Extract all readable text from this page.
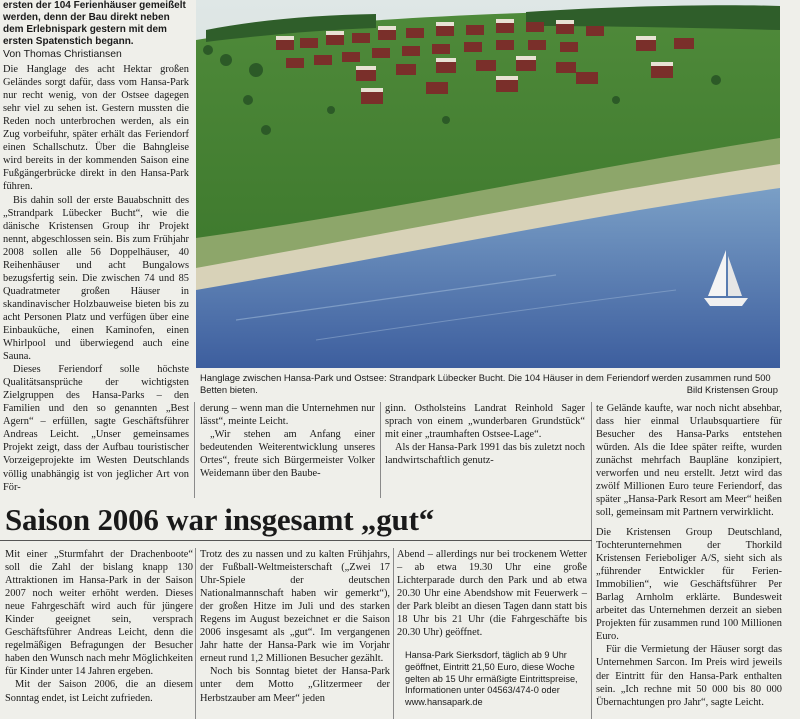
ersten der 104 Ferienhäuser gemeißelt werden, denn der Bau direkt neben dem Erlebnispark gestern mit dem ersten Spatenstich begann.

Von Thomas Christiansen

Die Hanglage des acht Hektar großen Geländes sorgt dafür, dass vom Hansa-Park nur recht wenig, von der Ostsee dagegen sehr viel zu sehen ist. Gestern mussten die Reden noch unterbrochen werden, als ein Zug vorbeifuhr, später erhält das Feriendorf einen Schallschutz. Über die Bahngleise wird bereits in der kommenden Saison eine Fußgängerbrücke direkt in den Hansa-Park führen.

Bis dahin soll der erste Bauabschnitt des „Strandpark Lübecker Bucht“, wie die dänische Kristensen Group ihr Projekt nennt, abgeschlossen sein. Bis zum Frühjahr 2008 sollen alle 56 Doppelhäuser, 40 Reihenhäuser und acht Bungalows bezugsfertig sein. Die zwischen 74 und 85 Quadratmeter großen Häuser in skandinavischer Holzbauweise bieten bis zu acht Personen Platz und verfügen über eine Einbauküche, einen Kaminofen, einen Whirlpool und überwiegend auch eine Sauna.

Dieses Feriendorf solle höchste Qualitätsansprüche der wichtigsten Zielgruppen des Hansa-Parks – den Familien und den so genannten „Best Agern“ – erfüllen, sagte Geschäftsführer Andreas Leicht. „Unser gemeinsames Projekt zeigt, dass der Aufbau touristischer Vorzeigeprojekte im Westen Deutschlands völlig unabhängig ist von jeglicher Art von För-

Hanglage zwischen Hansa-Park und Ostsee: Strandpark Lübecker Bucht. Die 104 Häuser in dem Feriendorf werden zusammen rund 500 Betten bieten.	Bild Kristensen Group

derung – wenn man die Unternehmen nur lässt“, meinte Leicht.

„Wir stehen am Anfang einer bedeutenden Weiterentwicklung unseres Ortes“, freute sich Bürgermeister Volker Weidemann über den Baube-

ginn. Ostholsteins Landrat Reinhold Sager sprach von einem „wunderbaren Grundstück“ mit einer „traumhaften Ostsee-Lage“.

Als der Hansa-Park 1991 das bis zuletzt noch landwirtschaftlich genutz-

te Gelände kaufte, war noch nicht absehbar, dass hier einmal Urlaubsquartiere für Besucher des Hansa-Parks entstehen würden. Als die Idee später reifte, wurden zunächst mehrfach Baupläne konzipiert, verworfen und neu erstellt. Jetzt wird das zwölf Millionen Euro teure Feriendorf, das später „Hansa-Park Resort am Meer“ heißen soll, gemeinsam mit Partnern verwirklicht.

Saison 2006 war insgesamt „gut“

Mit einer „Sturmfahrt der Drachenboote“ soll die Zahl der bislang knapp 130 Attraktionen im Hansa-Park in der Saison 2007 noch weiter erhöht werden. Dieses neue Fahrgeschäft wird auch für jüngere Kinder geeignet sein, versprach Geschäftsführer Andreas Leicht, denn die regelmäßigen Befragungen der Besucher haben den Wunsch nach mehr Möglichkeiten für Kinder unter 14 Jahren ergeben.

Mit der Saison 2006, die an diesem Sonntag endet, ist Leicht zufrieden.

Trotz des zu nassen und zu kalten Frühjahrs, der Fußball-Weltmeisterschaft („Zwei 17 Uhr-Spiele der deutschen Nationalmannschaft haben wir gemerkt“), der großen Hitze im Juli und des starken Regens im August bezeichnet er die Saison 2006 insgesamt als „gut“. Im vergangenen Jahr hatte der Hansa-Park wie im Vorjahr erneut rund 1,2 Millionen Besucher gezählt.

Noch bis Sonntag bietet der Hansa-Park unter dem Motto „Glitzermeer der Herbstzauber am Meer“ jeden

Abend – allerdings nur bei trockenem Wetter – ab etwa 19.30 Uhr eine große Lichterparade durch den Park und ab etwa 20.30 Uhr eine Abendshow mit Feuerwerk – der Park bleibt an diesen Tagen dann statt bis 18 Uhr bis 21 Uhr (die Fahrgeschäfte bis 20.30 Uhr) geöffnet.

Hansa-Park Sierksdorf, täglich ab 9 Uhr geöffnet, Eintritt 21,50 Euro, diese Woche gelten ab 15 Uhr ermäßigte Eintrittspreise, Informationen unter 04563/474-0 oder www.hansapark.de

Die Kristensen Group Deutschland, Tochterunternehmen der Thorkild Kristensen Ferieboliger A/S, sieht sich als „führender Entwickler für Ferien-Immobilien“, wie Geschäftsführer Per Barlag Arnholm erklärte. Bundesweit arbeitet das Unternehmen derzeit an sieben Projekten für zusammen rund 100 Millionen Euro.

Für die Vermietung der Häuser sorgt das Unternehmen Sarcon. Im Preis wird jeweils der Eintritt für den Hansa-Park enthalten sein. „Ich rechne mit 50 000 bis 80 000 Übernachtungen pro Jahr“, sagte Leicht.
